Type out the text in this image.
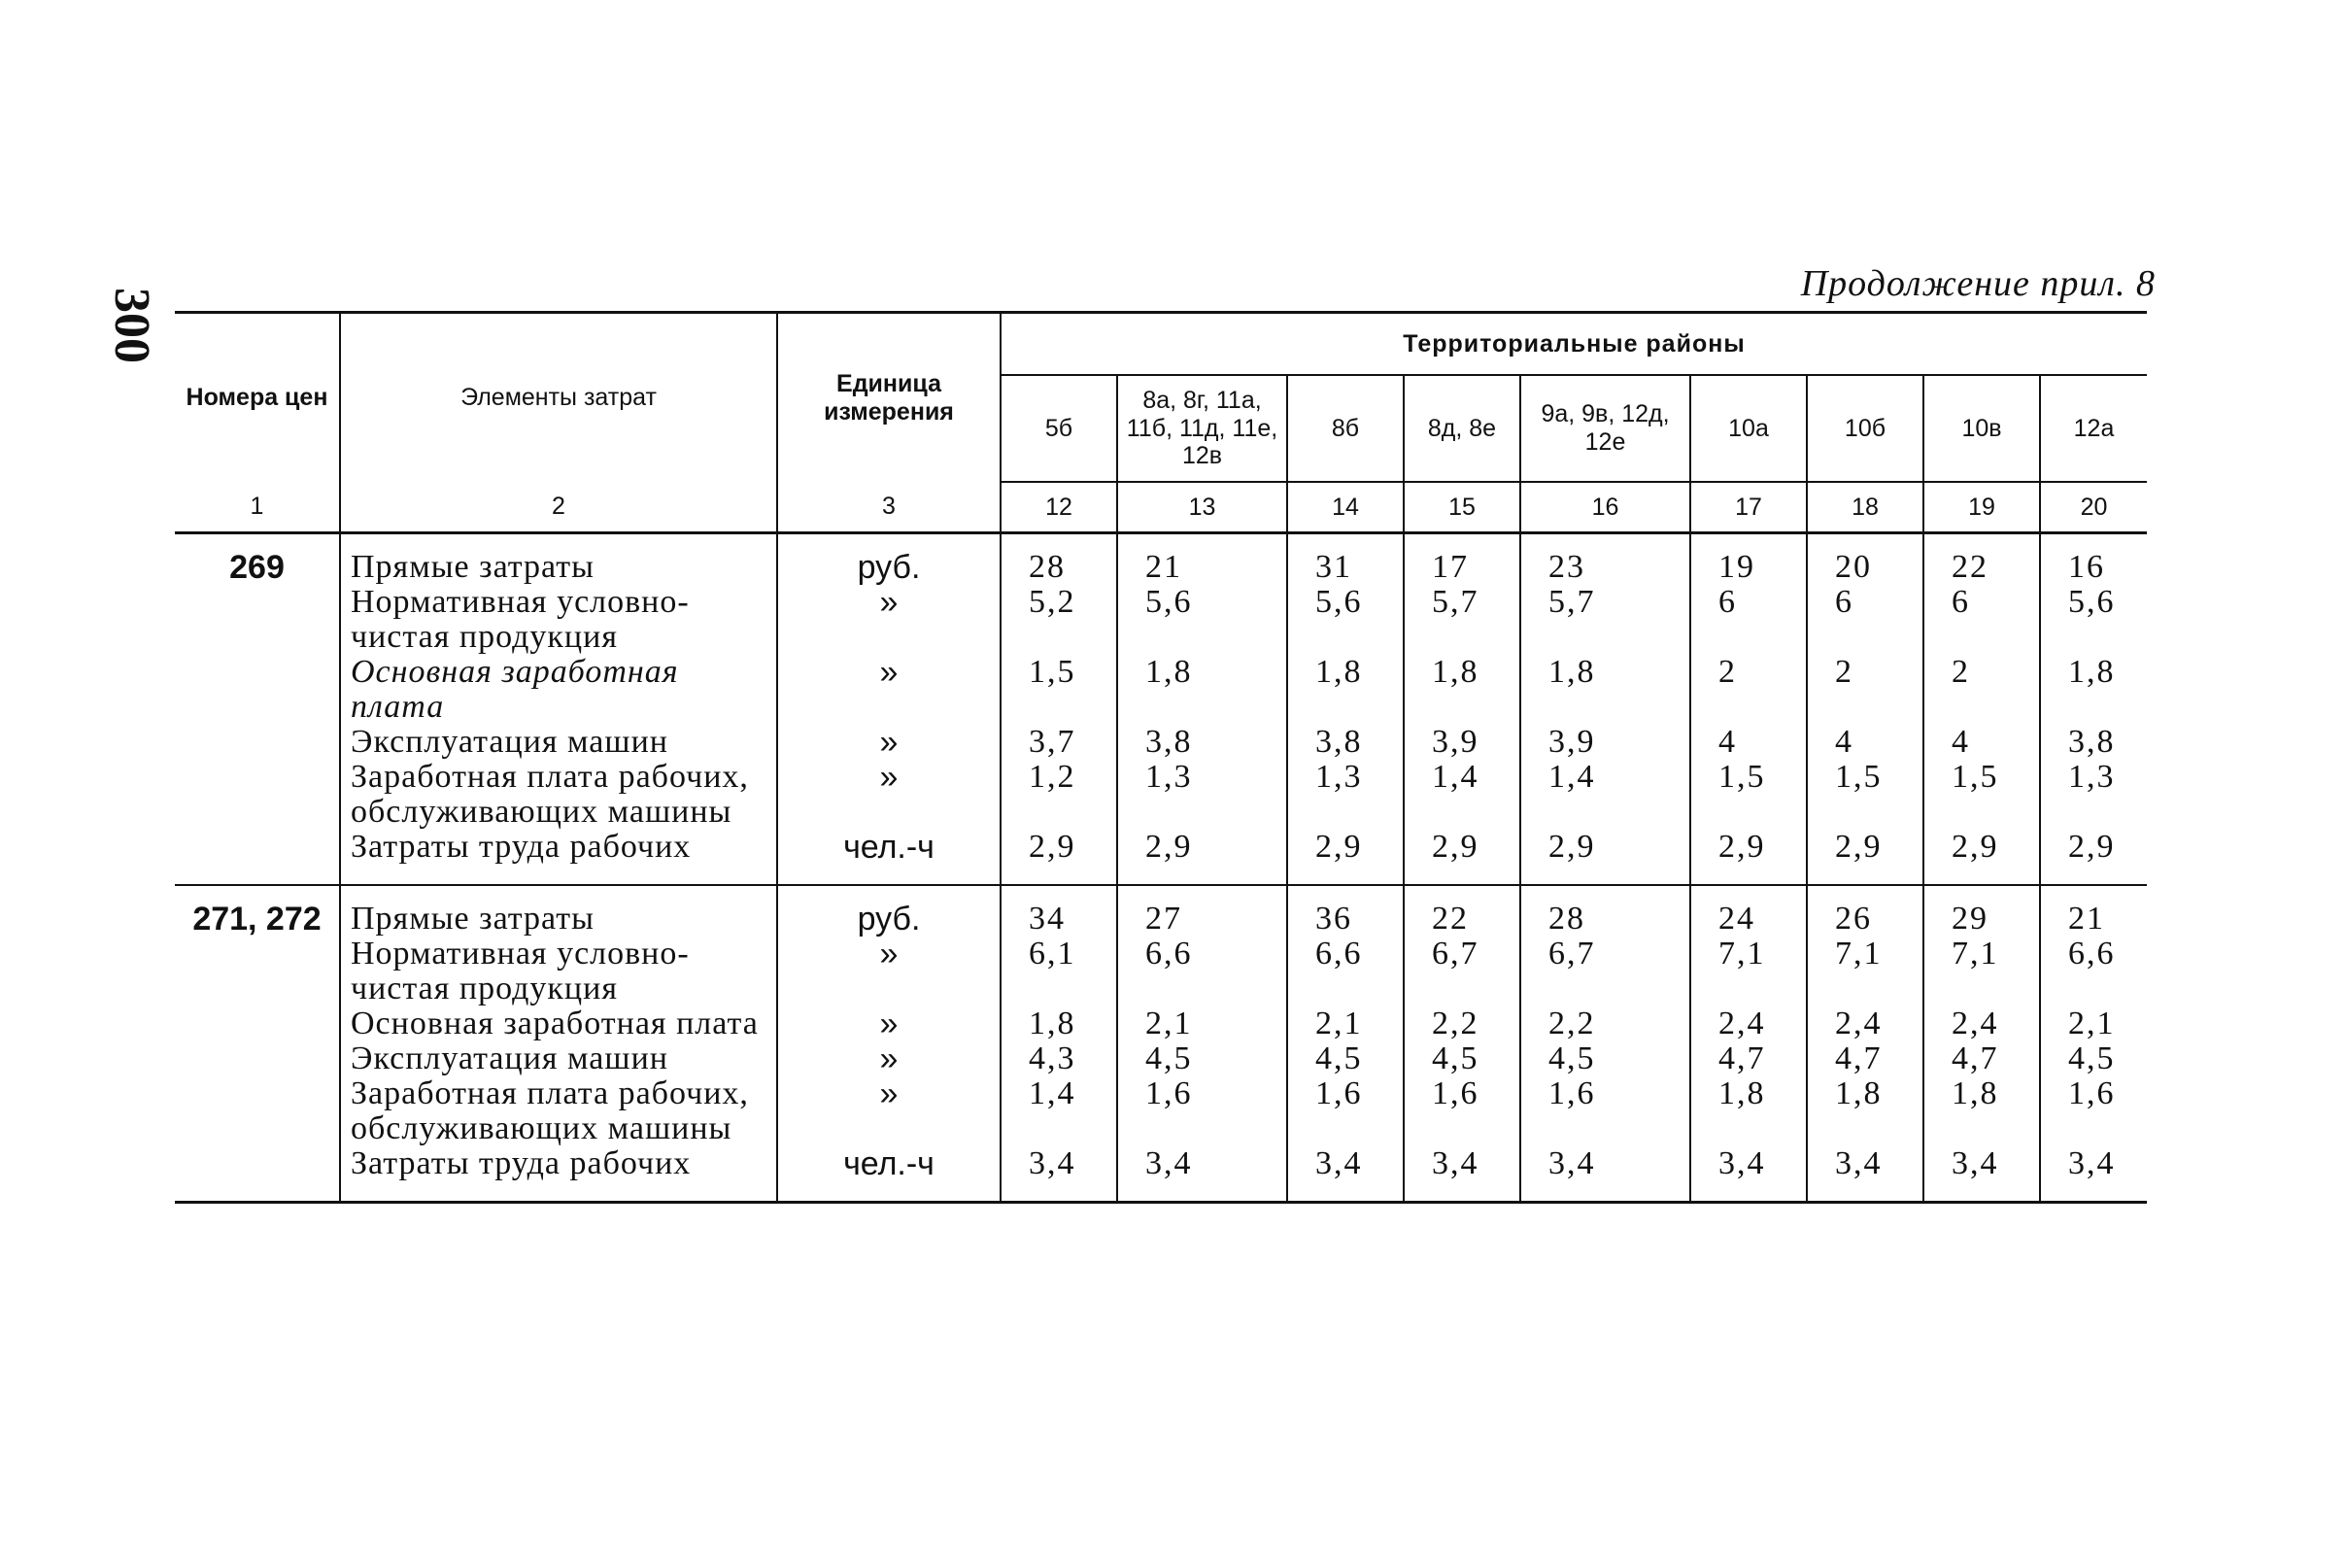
300
Продолжение прил. 8
Номера цен	Элементы затрат	Единица измерения	Территориальные районы								
			5б	8а, 8г, 11а, 11б, 11д, 11е, 12в	8б	8д, 8е	9а, 9в, 12д, 12е	10а	10б	10в	12а
1	2	3	12	13	14	15	16	17	18	19	20
269	Прямые затраты	руб.	28	21	31	17	23	19	20	22	16
	Нормативная условно-чистая продукция	»	5,2	5,6	5,6	5,7	5,7	6	6	6	5,6
	Основная заработная плата	»	1,5	1,8	1,8	1,8	1,8	2	2	2	1,8
	Эксплуатация машин	»	3,7	3,8	3,8	3,9	3,9	4	4	4	3,8
	Заработная плата рабочих, обслуживающих машины	»	1,2	1,3	1,3	1,4	1,4	1,5	1,5	1,5	1,3
	Затраты труда рабочих	чел.-ч	2,9	2,9	2,9	2,9	2,9	2,9	2,9	2,9	2,9
271, 272	Прямые затраты	руб.	34	27	36	22	28	24	26	29	21
	Нормативная условно-чистая продукция	»	6,1	6,6	6,6	6,7	6,7	7,1	7,1	7,1	6,6
	Основная заработная плата	»	1,8	2,1	2,1	2,2	2,2	2,4	2,4	2,4	2,1
	Эксплуатация машин	»	4,3	4,5	4,5	4,5	4,5	4,7	4,7	4,7	4,5
	Заработная плата рабочих, обслуживающих машины	»	1,4	1,6	1,6	1,6	1,6	1,8	1,8	1,8	1,6
	Затраты труда рабочих	чел.-ч	3,4	3,4	3,4	3,4	3,4	3,4	3,4	3,4	3,4
